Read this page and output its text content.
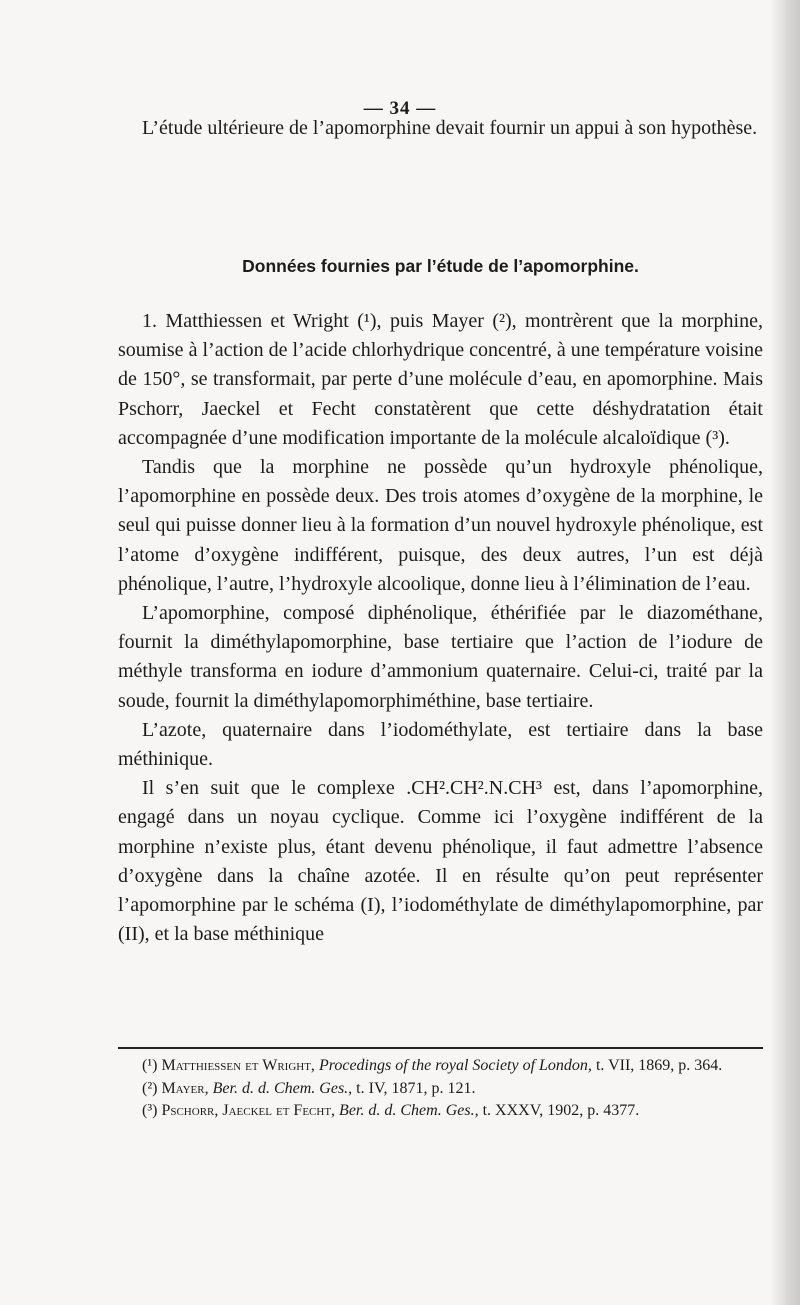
— 34 —

L’étude ultérieure de l’apomorphine devait fournir un appui à son hypothèse.

Données fournies par l’étude de l’apomorphine.

1. Matthiessen et Wright (¹), puis Mayer (²), montrèrent que la morphine, soumise à l’action de l’acide chlorhydrique concentré, à une température voisine de 150°, se transformait, par perte d’une molécule d’eau, en apomorphine. Mais Pschorr, Jaeckel et Fecht constatèrent que cette déshydratation était accompagnée d’une modification importante de la molécule alcaloïdique (³).

Tandis que la morphine ne possède qu’un hydroxyle phénolique, l’apomorphine en possède deux. Des trois atomes d’oxygène de la morphine, le seul qui puisse donner lieu à la formation d’un nouvel hydroxyle phénolique, est l’atome d’oxygène indifférent, puisque, des deux autres, l’un est déjà phénolique, l’autre, l’hydroxyle alcoolique, donne lieu à l’élimination de l’eau.

L’apomorphine, composé diphénolique, éthérifiée par le diazométhane, fournit la diméthylapomorphine, base tertiaire que l’action de l’iodure de méthyle transforma en iodure d’ammonium quaternaire. Celui-ci, traité par la soude, fournit la diméthylapomorphiméthine, base tertiaire.

L’azote, quaternaire dans l’iodométhylate, est tertiaire dans la base méthinique.

Il s’en suit que le complexe .CH².CH².N.CH³ est, dans l’apomorphine, engagé dans un noyau cyclique. Comme ici l’oxygène indifférent de la morphine n’existe plus, étant devenu phénolique, il faut admettre l’absence d’oxygène dans la chaîne azotée. Il en résulte qu’on peut représenter l’apomorphine par le schéma (I), l’iodométhylate de diméthylapomorphine, par (II), et la base méthinique

(¹) Matthiessen et Wright, Procedings of the royal Society of London, t. VII, 1869, p. 364.

(²) Mayer, Ber. d. d. Chem. Ges., t. IV, 1871, p. 121.

(³) Pschorr, Jaeckel et Fecht, Ber. d. d. Chem. Ges., t. XXXV, 1902, p. 4377.
